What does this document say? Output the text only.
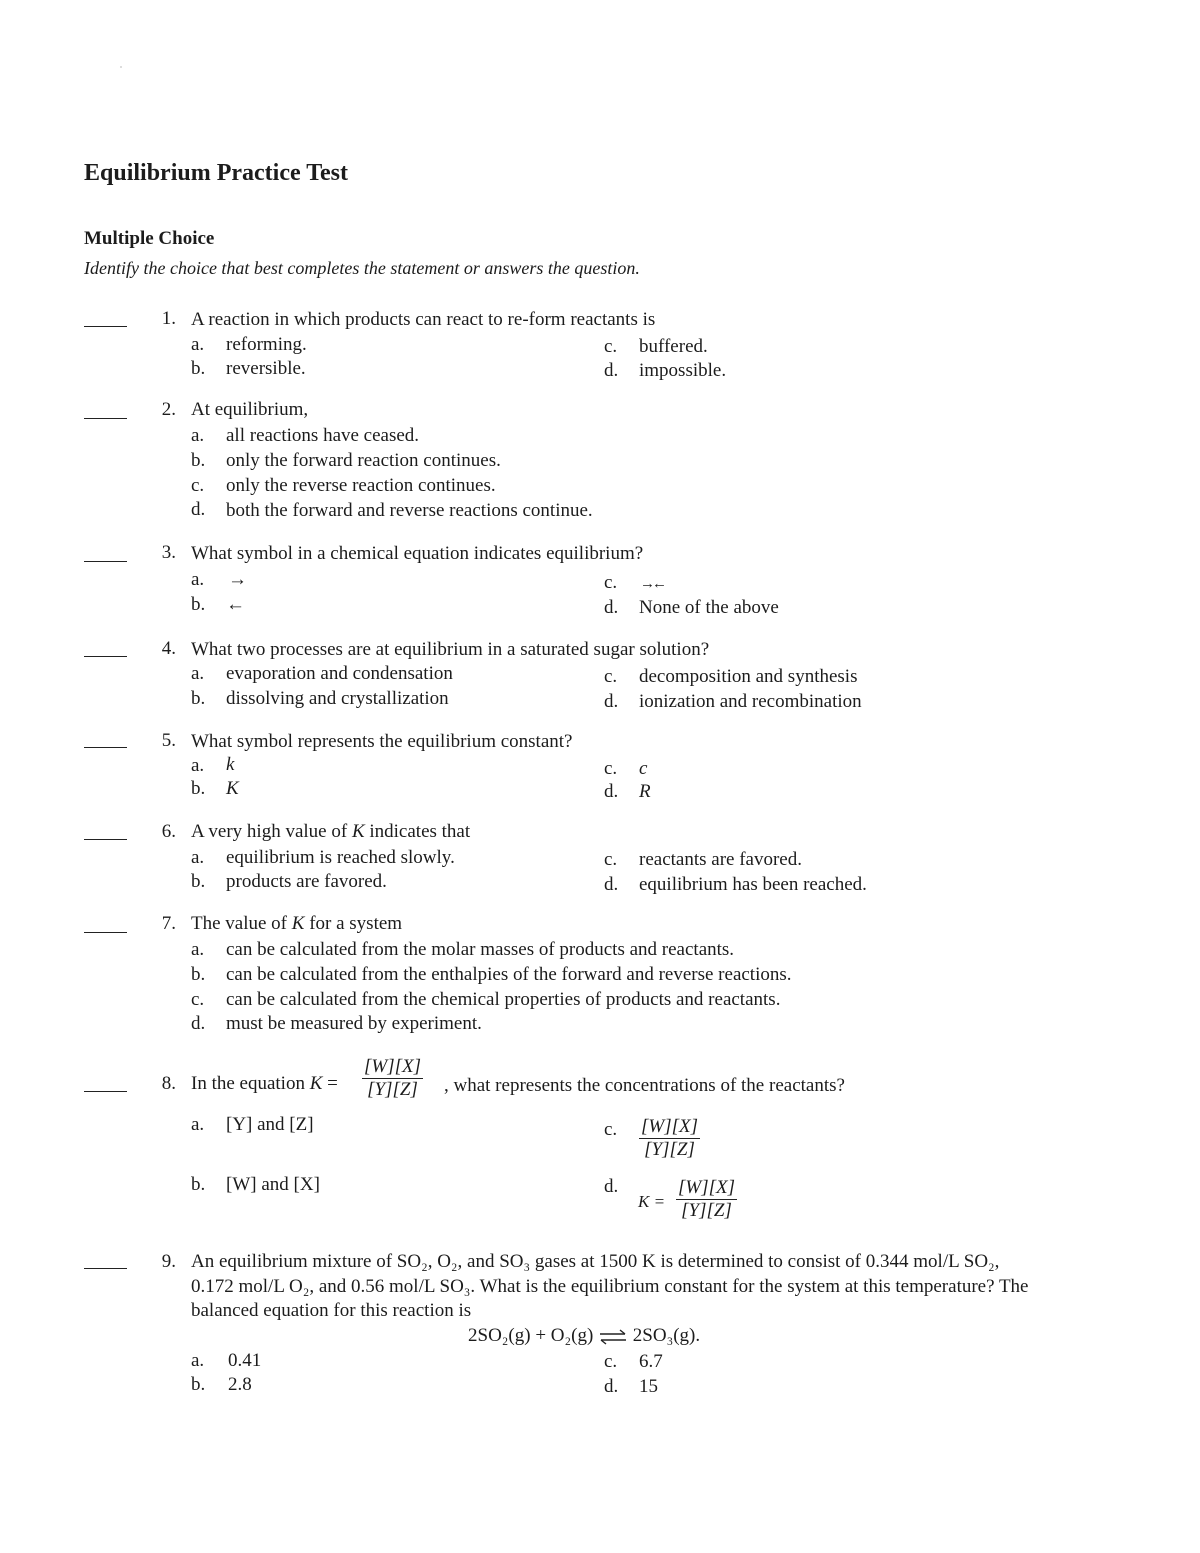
Equilibrium Practice Test
Multiple Choice
Identify the choice that best completes the statement or answers the question.
1. A reaction in which products can react to re-form reactants is
a. reforming.
b. reversible.
c. buffered.
d. impossible.
2. At equilibrium,
a. all reactions have ceased.
b. only the forward reaction continues.
c. only the reverse reaction continues.
d. both the forward and reverse reactions continue.
3. What symbol in a chemical equation indicates equilibrium?
a. →
b. ←
c. →←
d. None of the above
4. What two processes are at equilibrium in a saturated sugar solution?
a. evaporation and condensation
b. dissolving and crystallization
c. decomposition and synthesis
d. ionization and recombination
5. What symbol represents the equilibrium constant?
a. k
b. K
c. c
d. R
6. A very high value of K indicates that
a. equilibrium is reached slowly.
b. products are favored.
c. reactants are favored.
d. equilibrium has been reached.
7. The value of K for a system
a. can be calculated from the molar masses of products and reactants.
b. can be calculated from the enthalpies of the forward and reverse reactions.
c. can be calculated from the chemical properties of products and reactants.
d. must be measured by experiment.
8. In the equation $K = \frac{[W][X]}{[Y][Z]}$ , what represents the concentrations of the reactants?
a. [Y] and [Z]
b. [W] and [X]
c. $\frac{[W][X]}{[Y][Z]}$
d.
$K = \frac{[W][X]}{[Y][Z]}$
9. An equilibrium mixture of SO₂, O₂, and SO₃ gases at 1500 K is determined to consist of 0.344 mol/L SO₂,
0.172 mol/L O₂, and 0.56 mol/L SO₃. What is the equilibrium constant for the system at this temperature? The
balanced equation for this reaction is
2SO₂(g) + O₂(g) ⇌ 2SO₃(g).
a. 0.41
b. 2.8
c. 6.7
d. 15
